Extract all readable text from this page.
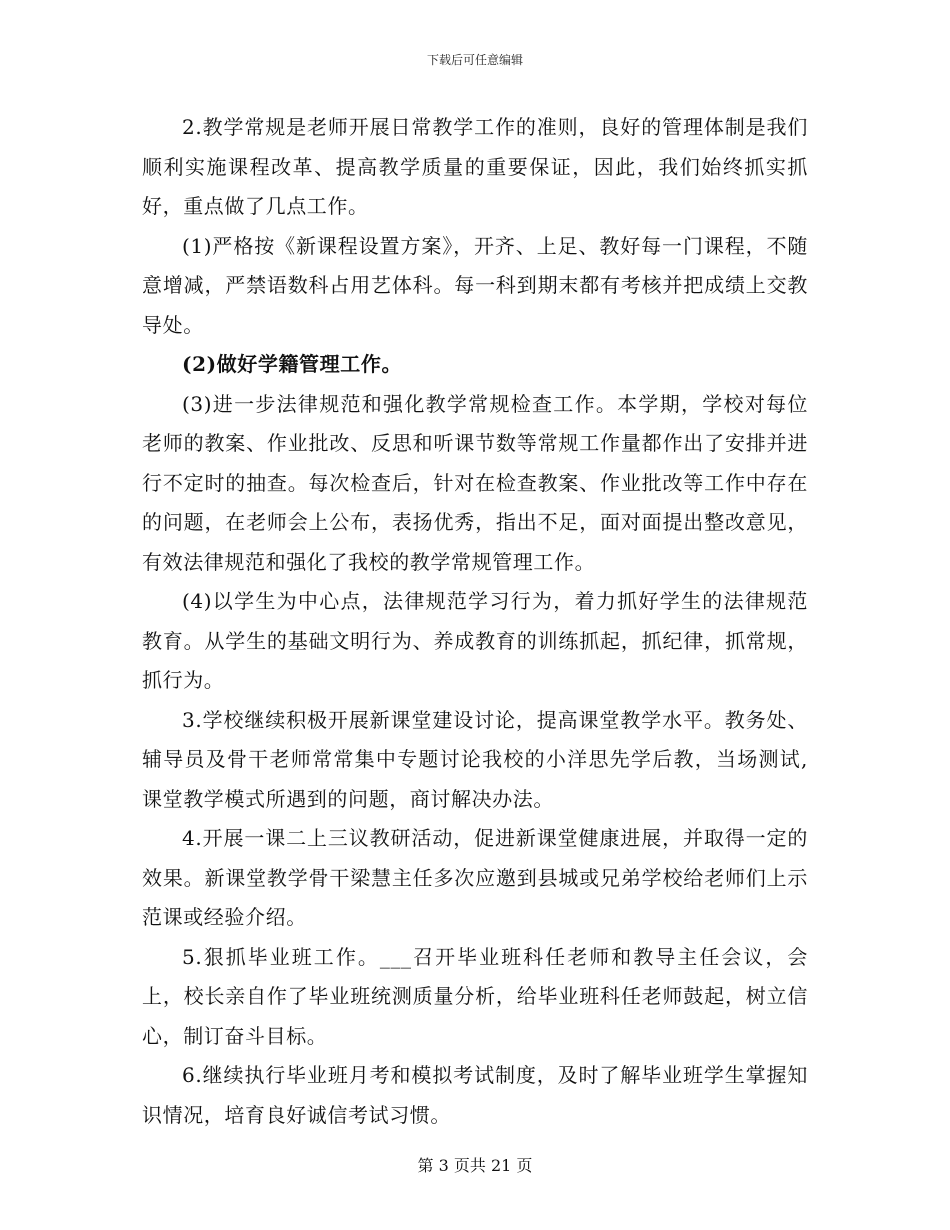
下载后可任意编辑

2.教学常规是老师开展日常教学工作的准则，良好的管理体制是我们顺利实施课程改革、提高教学质量的重要保证，因此，我们始终抓实抓好，重点做了几点工作。

(1)严格按《新课程设置方案》，开齐、上足、教好每一门课程，不随意增减，严禁语数科占用艺体科。每一科到期末都有考核并把成绩上交教导处。

(2)做好学籍管理工作。

(3)进一步法律规范和强化教学常规检查工作。本学期，学校对每位老师的教案、作业批改、反思和听课节数等常规工作量都作出了安排并进行不定时的抽查。每次检查后，针对在检查教案、作业批改等工作中存在的问题，在老师会上公布，表扬优秀，指出不足，面对面提出整改意见，有效法律规范和强化了我校的教学常规管理工作。

(4)以学生为中心点，法律规范学习行为，着力抓好学生的法律规范教育。从学生的基础文明行为、养成教育的训练抓起，抓纪律，抓常规，抓行为。

3.学校继续积极开展新课堂建设讨论，提高课堂教学水平。教务处、辅导员及骨干老师常常集中专题讨论我校的小洋思先学后教，当场测试,课堂教学模式所遇到的问题，商讨解决办法。

4.开展一课二上三议教研活动，促进新课堂健康进展，并取得一定的效果。新课堂教学骨干梁慧主任多次应邀到县城或兄弟学校给老师们上示范课或经验介绍。

5.狠抓毕业班工作。___召开毕业班科任老师和教导主任会议，会上，校长亲自作了毕业班统测质量分析，给毕业班科任老师鼓起，树立信心，制订奋斗目标。

6.继续执行毕业班月考和模拟考试制度，及时了解毕业班学生掌握知识情况，培育良好诚信考试习惯。

第 3 页共 21 页
